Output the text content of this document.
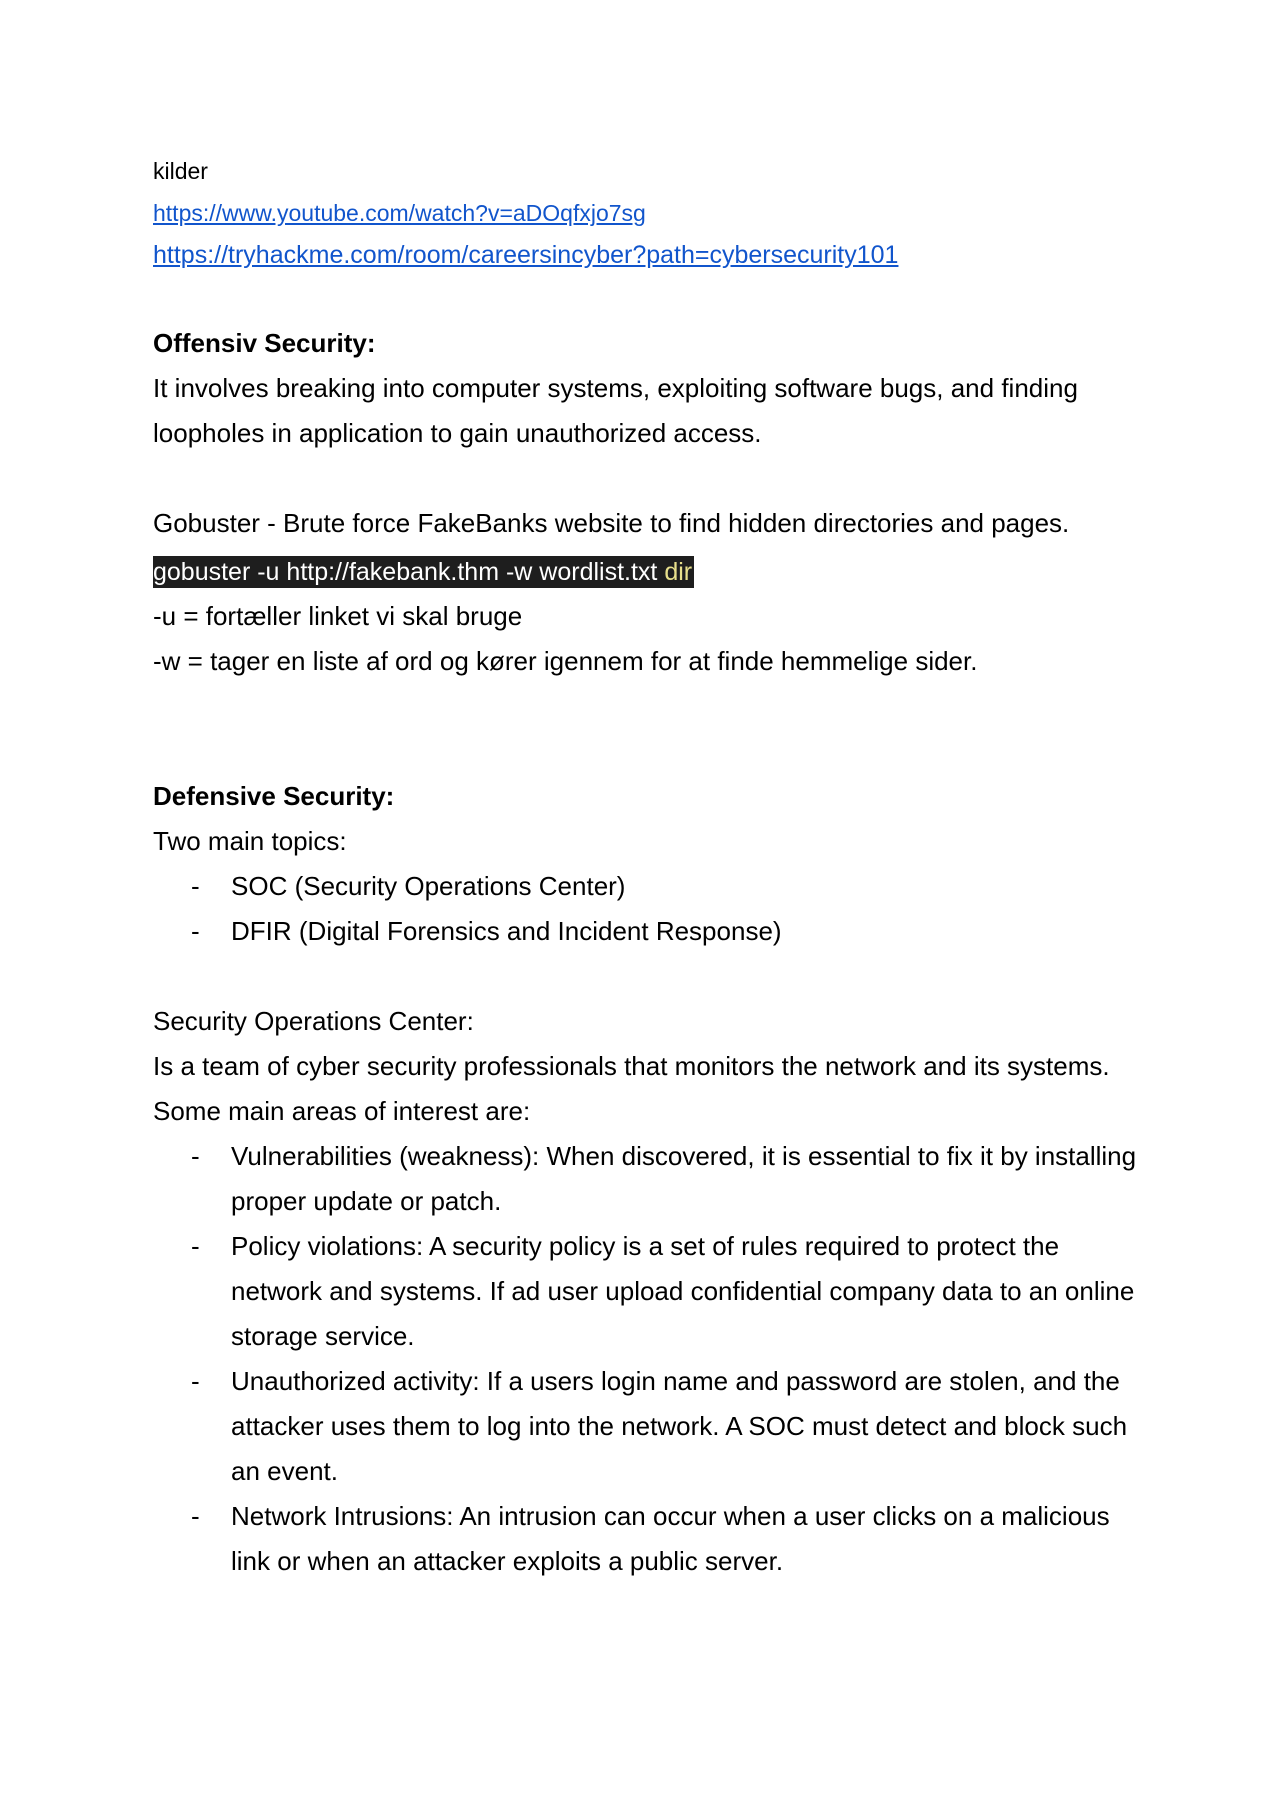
kilder
https://www.youtube.com/watch?v=aDOqfxjo7sg
https://tryhackme.com/room/careersincyber?path=cybersecurity101
Offensiv Security:
It involves breaking into computer systems, exploiting software bugs, and finding loopholes in application to gain unauthorized access.
Gobuster - Brute force FakeBanks website to find hidden directories and pages.
gobuster -u http://fakebank.thm -w wordlist.txt dir
-u = fortæller linket vi skal bruge
-w = tager en liste af ord og kører igennem for at finde hemmelige sider.
Defensive Security:
Two main topics:
- SOC (Security Operations Center)
- DFIR (Digital Forensics and Incident Response)
Security Operations Center:
Is a team of cyber security professionals that monitors the network and its systems.
Some main areas of interest are:
- Vulnerabilities (weakness): When discovered, it is essential to fix it by installing proper update or patch.
- Policy violations: A security policy is a set of rules required to protect the network and systems. If ad user upload confidential company data to an online storage service.
- Unauthorized activity: If a users login name and password are stolen, and the attacker uses them to log into the network. A SOC must detect and block such an event.
- Network Intrusions: An intrusion can occur when a user clicks on a malicious link or when an attacker exploits a public server.
